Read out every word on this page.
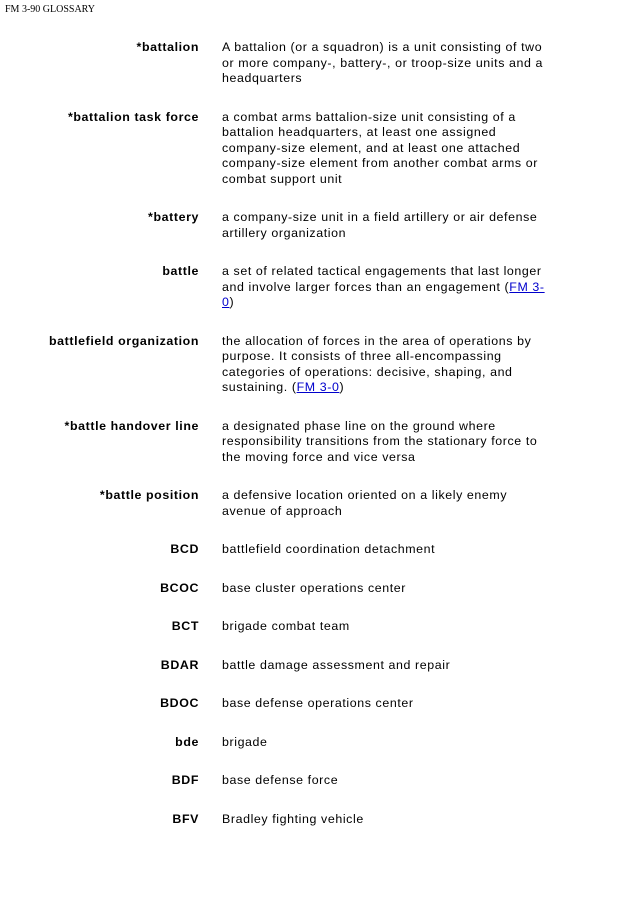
FM 3-90 GLOSSARY
*battalion A battalion (or a squadron) is a unit consisting of two or more company-, battery-, or troop-size units and a headquarters
*battalion task force a combat arms battalion-size unit consisting of a battalion headquarters, at least one assigned company-size element, and at least one attached company-size element from another combat arms or combat support unit
*battery a company-size unit in a field artillery or air defense artillery organization
battle a set of related tactical engagements that last longer and involve larger forces than an engagement (FM 3-0)
battlefield organization the allocation of forces in the area of operations by purpose. It consists of three all-encompassing categories of operations: decisive, shaping, and sustaining. (FM 3-0)
*battle handover line a designated phase line on the ground where responsibility transitions from the stationary force to the moving force and vice versa
*battle position a defensive location oriented on a likely enemy avenue of approach
BCD battlefield coordination detachment
BCOC base cluster operations center
BCT brigade combat team
BDAR battle damage assessment and repair
BDOC base defense operations center
bde brigade
BDF base defense force
BFV Bradley fighting vehicle
